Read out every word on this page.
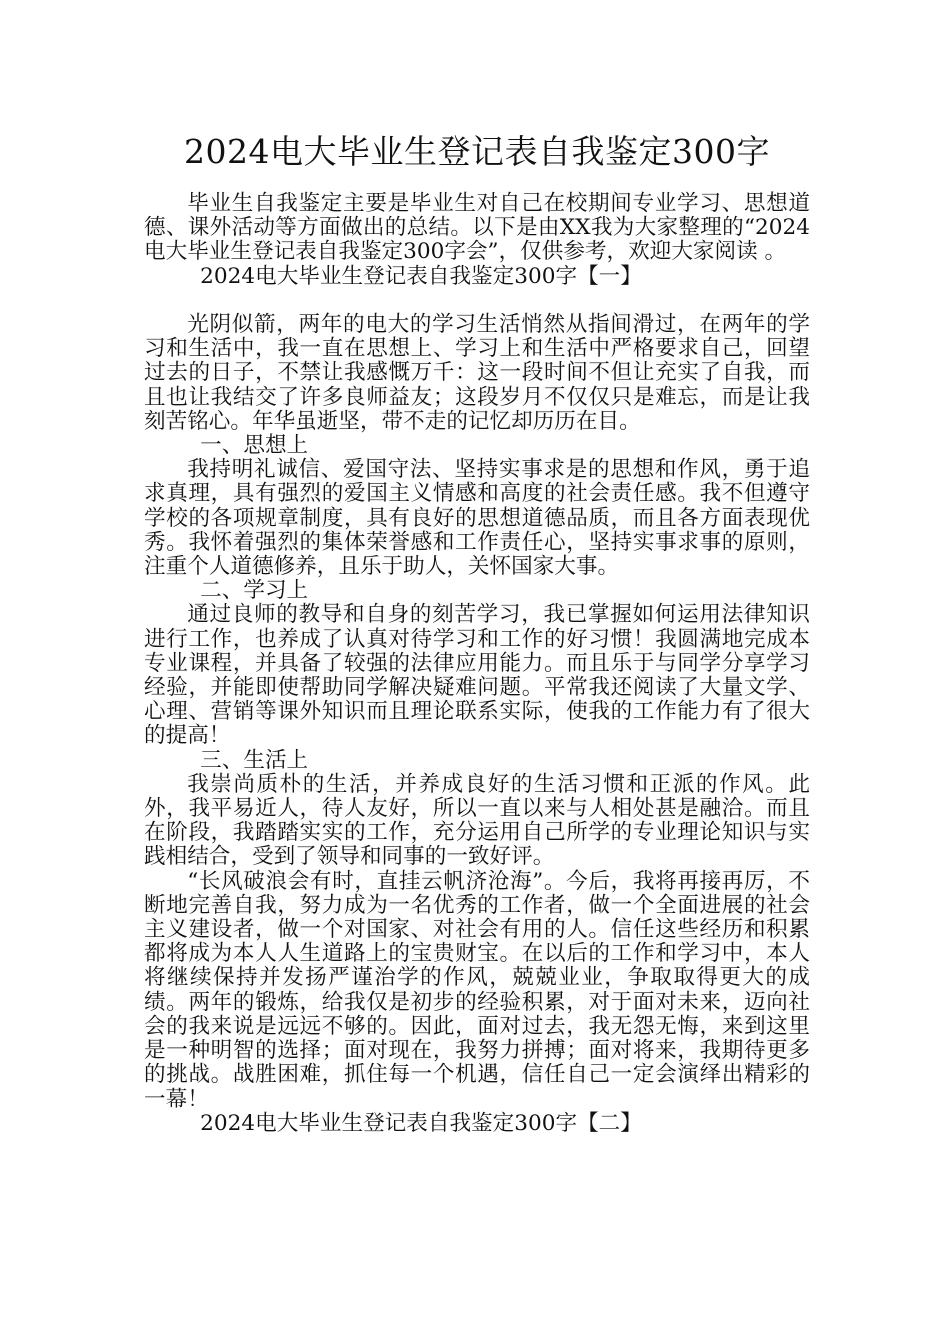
2024电大毕业生登记表自我鉴定300字

毕业生自我鉴定主要是毕业生对自己在校期间专业学习、思想道德、课外活动等方面做出的总结。以下是由XX我为大家整理的“2024电大毕业生登记表自我鉴定300字会”，仅供参考，欢迎大家阅读 。

2024电大毕业生登记表自我鉴定300字【一】

光阴似箭，两年的电大的学习生活悄然从指间滑过，在两年的学习和生活中，我一直在思想上、学习上和生活中严格要求自己，回望过去的日子，不禁让我感慨万千：这一段时间不但让充实了自我，而且也让我结交了许多良师益友；这段岁月不仅仅只是难忘，而是让我刻苦铭心。年华虽逝坚，带不走的记忆却历历在目。

一、思想上

我持明礼诚信、爱国守法、坚持实事求是的思想和作风，勇于追求真理，具有强烈的爱国主义情感和高度的社会责任感。我不但遵守学校的各项规章制度，具有良好的思想道德品质，而且各方面表现优秀。我怀着强烈的集体荣誉感和工作责任心，坚持实事求事的原则，注重个人道德修养，且乐于助人，关怀国家大事。

二、学习上

通过良师的教导和自身的刻苦学习，我已掌握如何运用法律知识进行工作，也养成了认真对待学习和工作的好习惯！我圆满地完成本专业课程，并具备了较强的法律应用能力。而且乐于与同学分享学习经验，并能即使帮助同学解决疑难问题。平常我还阅读了大量文学、心理、营销等课外知识而且理论联系实际，使我的工作能力有了很大的提高！

三、生活上

我崇尚质朴的生活，并养成良好的生活习惯和正派的作风。此外，我平易近人，待人友好，所以一直以来与人相处甚是融洽。而且在阶段，我踏踏实实的工作，充分运用自己所学的专业理论知识与实践相结合，受到了领导和同事的一致好评。

“长风破浪会有时，直挂云帆济沧海”。今后，我将再接再厉，不断地完善自我，努力成为一名优秀的工作者，做一个全面进展的社会主义建设者，做一个对国家、对社会有用的人。信任这些经历和积累都将成为本人人生道路上的宝贵财宝。在以后的工作和学习中，本人将继续保持并发扬严谨治学的作风，兢兢业业，争取取得更大的成绩。两年的锻炼，给我仅是初步的经验积累，对于面对未来，迈向社会的我来说是远远不够的。因此，面对过去，我无怨无悔，来到这里是一种明智的选择；面对现在，我努力拼搏；面对将来，我期待更多的挑战。战胜困难，抓住每一个机遇，信任自己一定会演绎出精彩的一幕！

2024电大毕业生登记表自我鉴定300字【二】
